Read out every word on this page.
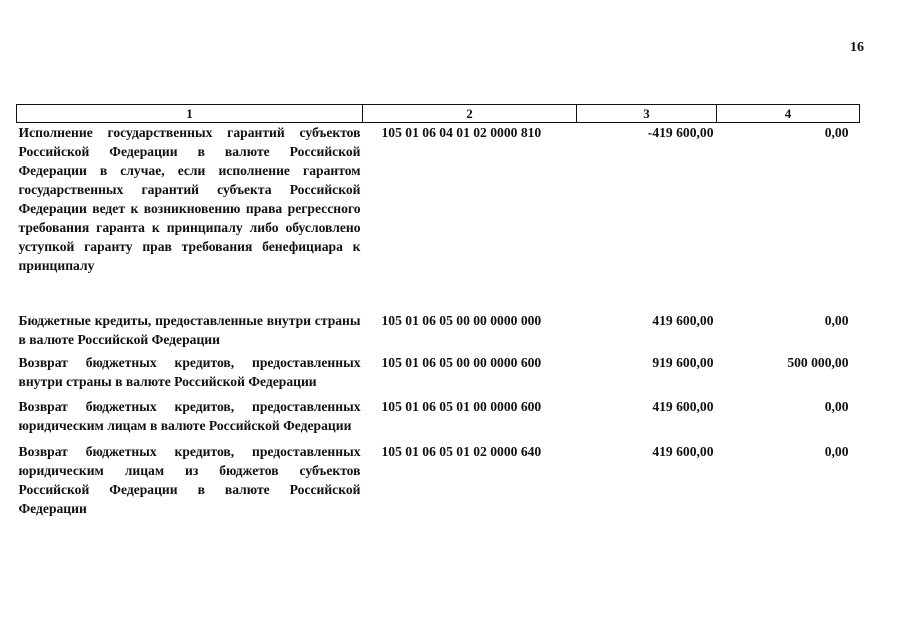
16
1	2	3	4
Исполнение государственных гарантий субъектов Российской Федерации в валюте Российской Федерации в случае, если исполнение гарантом государственных гарантий субъекта Российской Федерации ведет к возникновению права регрессного требования гаранта к принципалу либо обусловлено уступкой гаранту прав требования бенефициара к принципалу	105 01 06 04 01 02 0000 810	-419 600,00	0,00
Бюджетные кредиты, предоставленные внутри страны в валюте Российской Федерации	105 01 06 05 00 00 0000 000	419 600,00	0,00
Возврат бюджетных кредитов, предоставленных внутри страны в валюте Российской Федерации	105 01 06 05 00 00 0000 600	919 600,00	500 000,00
Возврат бюджетных кредитов, предоставленных юридическим лицам в валюте Российской Федерации	105 01 06 05 01 00 0000 600	419 600,00	0,00
Возврат бюджетных кредитов, предоставленных юридическим лицам из бюджетов субъектов Российской Федерации в валюте Российской Федерации	105 01 06 05 01 02 0000 640	419 600,00	0,00
